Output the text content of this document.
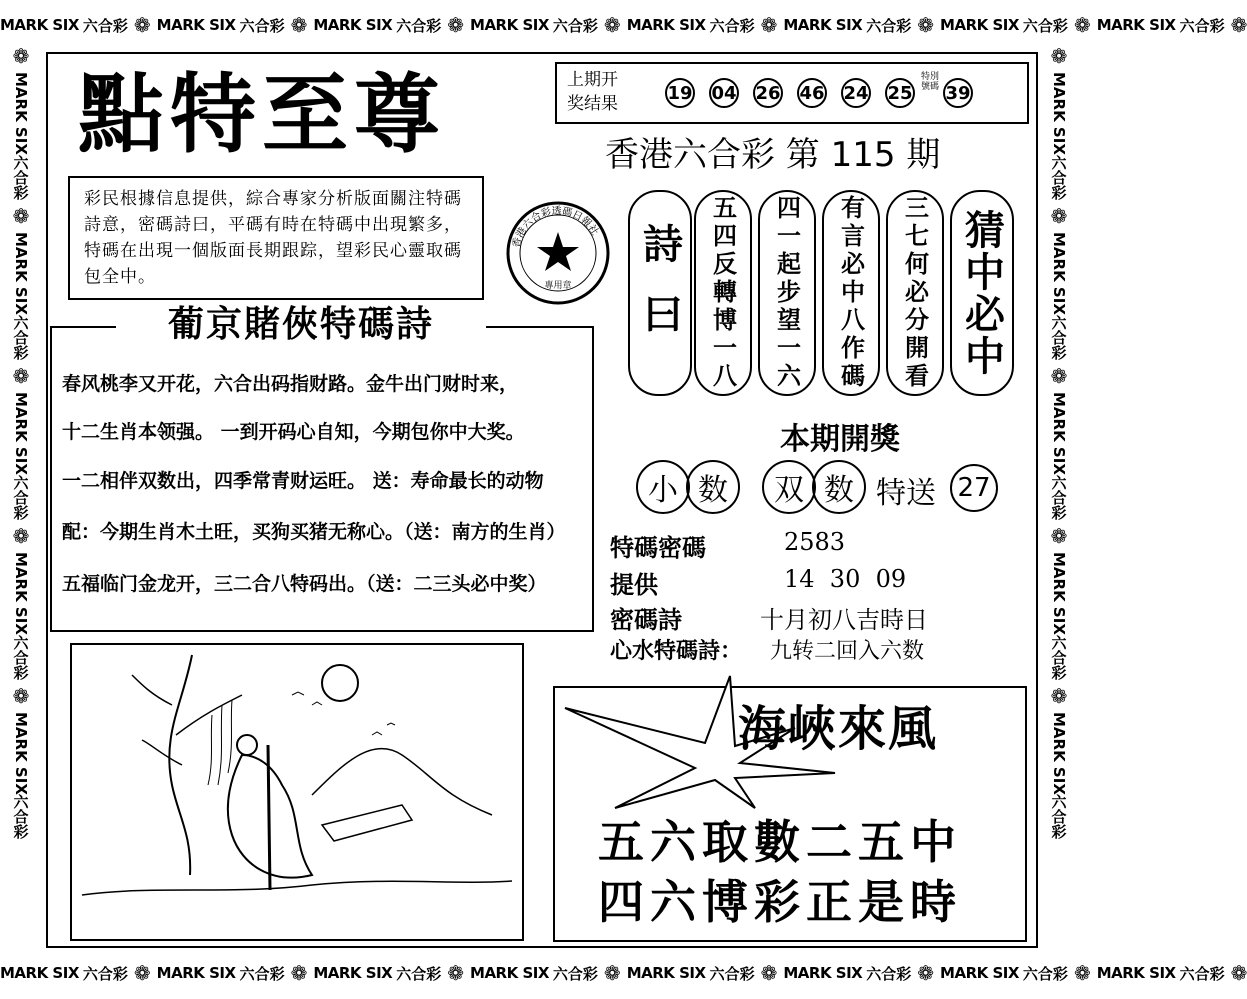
MARK SIX 六合彩 ❁ MARK SIX 六合彩 ❁ MARK SIX 六合彩 ❁ MARK SIX 六合彩 ❁ MARK SIX 六合彩 ❁ MARK SIX 六合彩 ❁ MARK SIX 六合彩 ❁ MARK SIX 六合彩 ❁
MARK SIX 六合彩 ❁ MARK SIX 六合彩 ❁ MARK SIX 六合彩 ❁ MARK SIX 六合彩 ❁ MARK SIX 六合彩 ❁ MARK SIX 六合彩 ❁ MARK SIX 六合彩 ❁ MARK SIX 六合彩 ❁
❁
MARK SIX
六合彩
❁
MARK SIX
六合彩
❁
MARK SIX
六合彩
❁
MARK SIX
六合彩
❁
MARK SIX
六合彩
❁
MARK SIX
六合彩
❁
MARK SIX
六合彩
❁
MARK SIX
六合彩
❁
MARK SIX
六合彩
❁
MARK SIX
六合彩
點特至尊
彩民根據信息提供，綜合專家分析版面關注特碼詩意，密碼詩曰，平碼有時在特碼中出現繁多，特碼在出現一個版面長期跟踪，望彩民心靈取碼包全中。
香港六合彩透碼日報社
專用章
上期开
奖结果
19 04 26 46 24 25
特別號碼 39
香港六合彩 第 115 期
詩曰 五四反轉博一八 四一起步望一六 有言必中八作碼 三七何必分開看 猜中必中
葡京賭俠特碼詩
春风桃李又开花，六合出码指财路。金牛出门财时来，
十二生肖本领强。 一到开码心自知，今期包你中大奖。
一二相伴双数出，四季常青财运旺。 送：寿命最长的动物
配：今期生肖木土旺，买狗买猪无称心。（送：南方的生肖）
五福临门金龙开，三二合八特码出。（送：二三头必中奖）
本期開獎
小 数	双 数 特送 27
特碼密碼	2583
提供	14  30  09
密碼詩	十月初八吉時日
心水特碼詩： 九转二回入六数
海峽來風
五六取數二五中
四六博彩正是時
